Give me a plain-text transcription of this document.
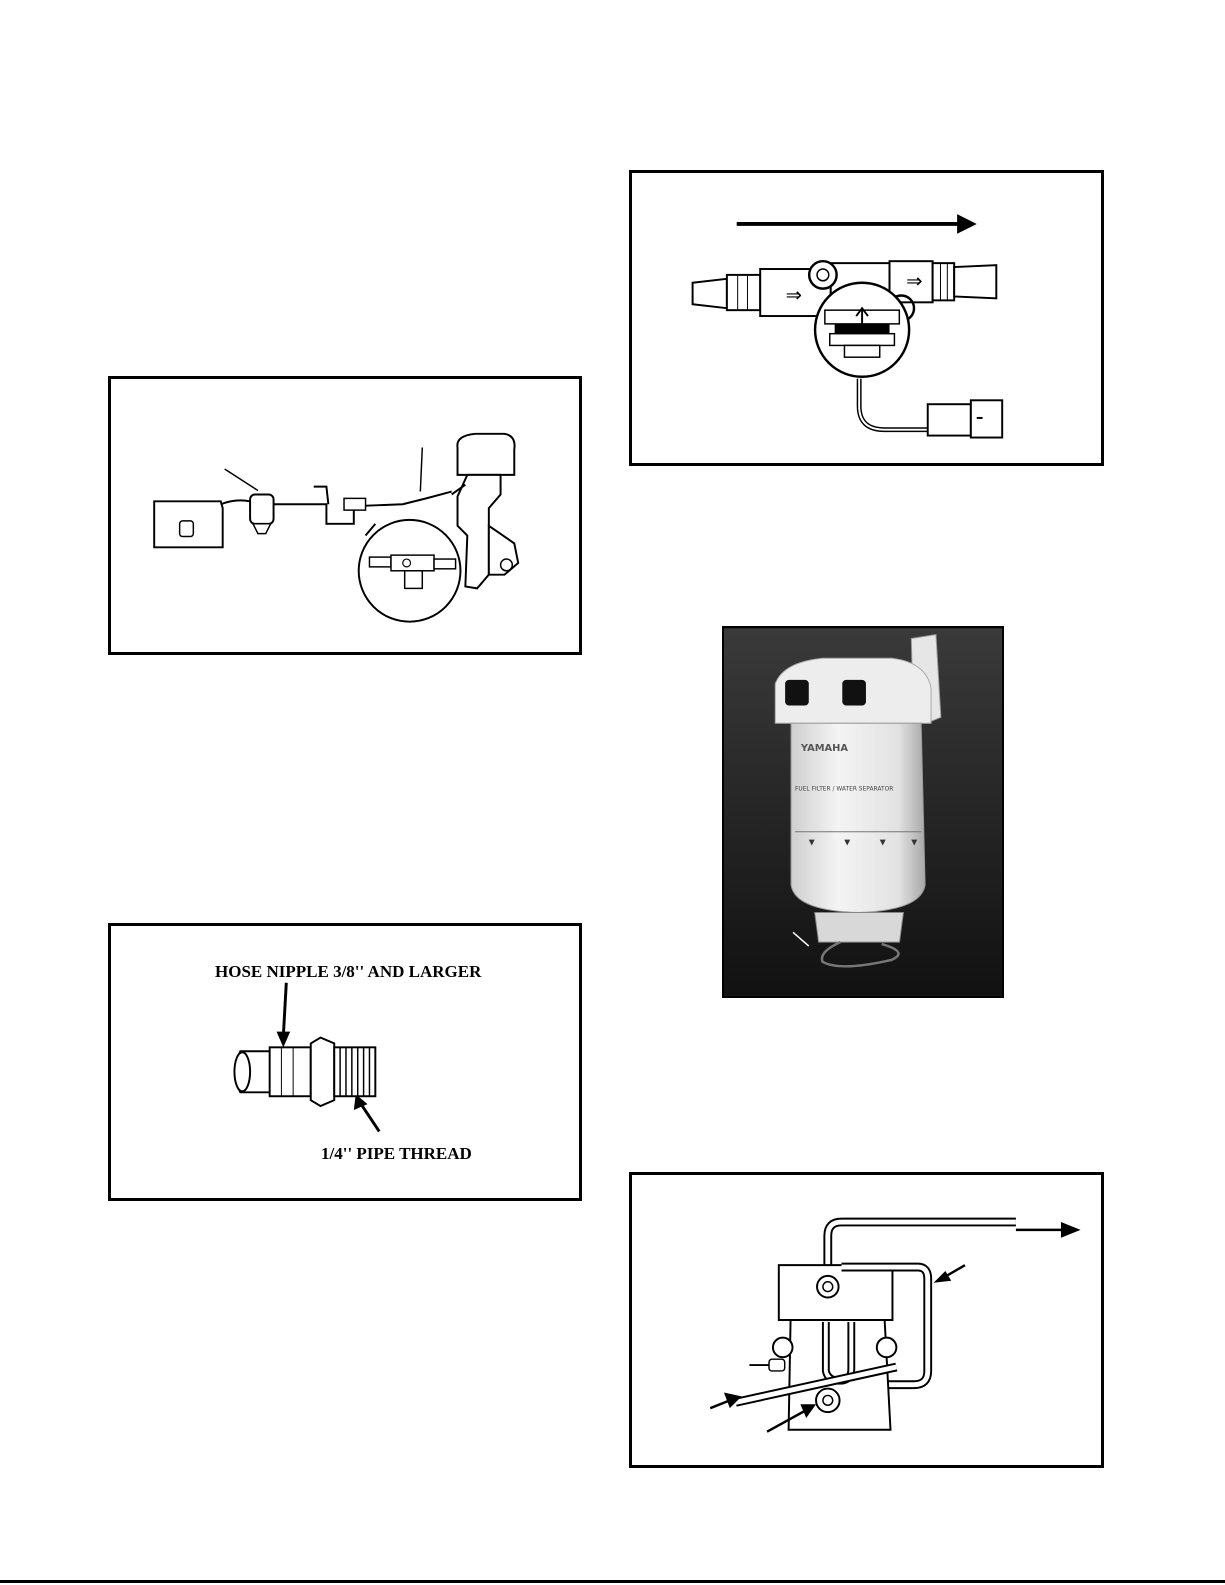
⇒
⇒
HOSE NIPPLE 3/8'' AND LARGER
1/4'' PIPE THREAD
YAMAHA
FUEL FILTER / WATER SEPARATOR
